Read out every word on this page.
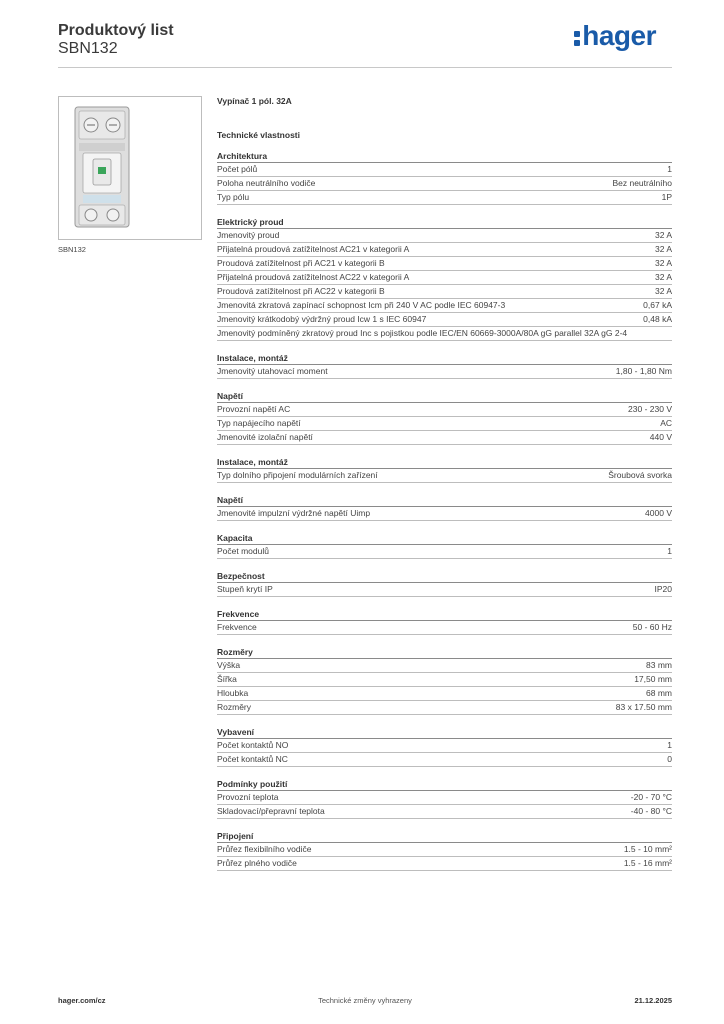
Produktový list
SBN132	hager
SBN132
Vypínač 1 pól. 32A
Technické vlastnosti
Architektura
Počet pólů	1
Poloha neutrálního vodiče	Bez neutrálního
Typ pólu	1P
Elektrický proud
Jmenovitý proud	32 A
Přijatelná proudová zatížitelnost AC21 v kategorii A	32 A
Proudová zatížitelnost při AC21 v kategorii B	32 A
Přijatelná proudová zatížitelnost AC22 v kategorii A	32 A
Proudová zatížitelnost při AC22 v kategorii B	32 A
Jmenovitá zkratová zapínací schopnost Icm při 240 V AC podle IEC 60947-3	0,67 kA
Jmenovitý krátkodobý výdržný proud Icw 1 s IEC 60947	0,48 kA
Jmenovitý podmíněný zkratový proud Inc s pojistkou podle IEC/EN 60669-3000A/80A gG parallel 32A gG 2-4
Instalace, montáž
Jmenovitý utahovací moment	1,80 - 1,80 Nm
Napětí
Provozní napětí AC	230 - 230 V
Typ napájecího napětí	AC
Jmenovité izolační napětí	440 V
Instalace, montáž
Typ dolního připojení modulárních zařízení	Šroubová svorka
Napětí
Jmenovité impulzní výdržné napětí Uimp	4000 V
Kapacita
Počet modulů	1
Bezpečnost
Stupeň krytí IP	IP20
Frekvence
Frekvence	50 - 60 Hz
Rozměry
Výška	83 mm
Šířka	17,50 mm
Hloubka	68 mm
Rozměry	83 x 17.50 mm
Vybavení
Počet kontaktů NO	1
Počet kontaktů NC	0
Podmínky použití
Provozní teplota	-20 - 70 °C
Skladovací/přepravní teplota	-40 - 80 °C
Připojení
Průřez flexibilního vodiče	1.5 - 10 mm²
Průřez plného vodiče	1.5 - 16 mm²
hager.com/cz	Technické změny vyhrazeny	21.12.2025
